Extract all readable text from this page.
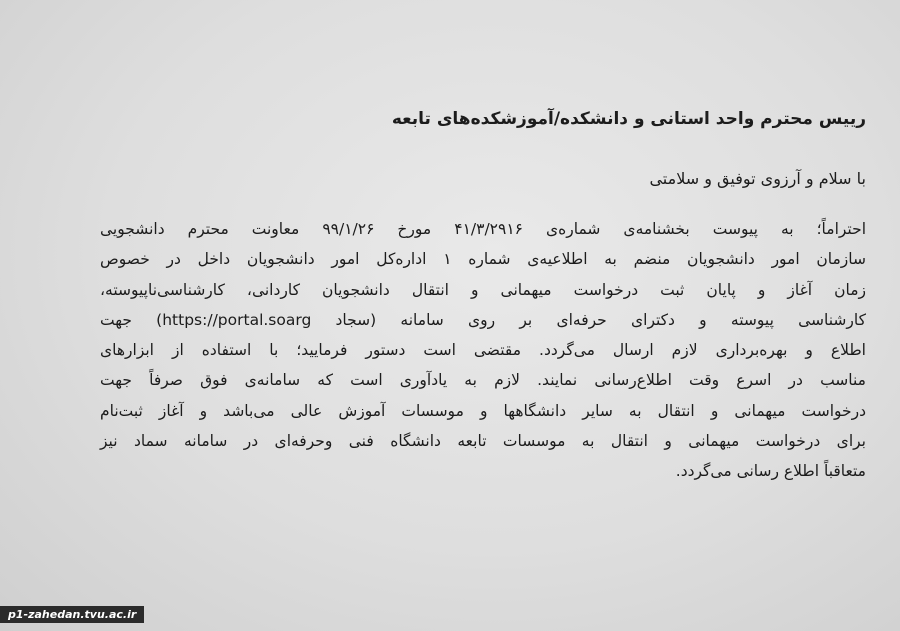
رییس محترم واحد استانی و دانشکده/آموزشکده‌های تابعه

با سلام و آرزوی توفیق و سلامتی

احتراماً؛ به پیوست بخشنامه‌ی شماره‌ی ۴۱/۳/۲۹۱۶ مورخ ۹۹/۱/۲۶ معاونت محترم دانشجویی
سازمان امور دانشجویان منضم به اطلاعیه‌ی شماره ۱ اداره‌کل امور دانشجویان داخل در خصوص
زمان آغاز و پایان ثبت درخواست میهمانی و انتقال دانشجویان کاردانی، کارشناسی‌ناپیوسته،
کارشناسی پیوسته و دکترای حرفه‌ای بر روی سامانه (سجاد https://portal.soarg) جهت
اطلاع و بهره‌برداری لازم ارسال می‌گردد. مقتضی است دستور فرمایید؛ با استفاده از ابزارهای
مناسب در اسرع وقت اطلاع‌رسانی نمایند. لازم به یادآوری است که سامانه‌ی فوق صرفاً جهت
درخواست میهمانی و انتقال به سایر دانشگاهها و موسسات آموزش عالی می‌باشد و آغاز ثبت‌نام
برای درخواست میهمانی و انتقال به موسسات تابعه دانشگاه فنی وحرفه‌ای در سامانه سماد نیز
متعاقباً اطلاع رسانی می‌گردد.
p1-zahedan.tvu.ac.ir
